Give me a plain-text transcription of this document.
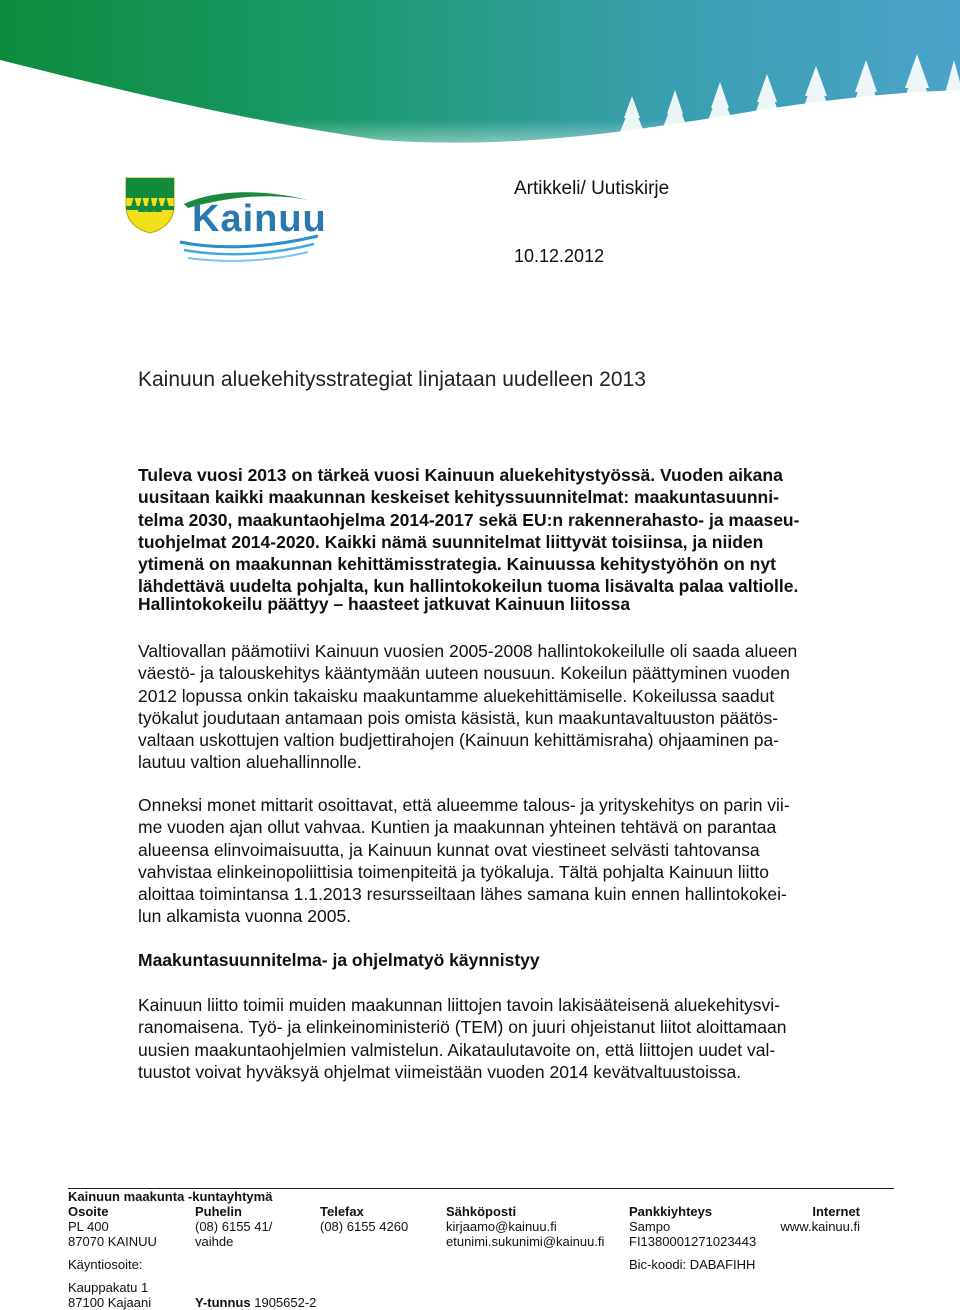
Kainuu
Artikkeli/ Uutiskirje
10.12.2012
Kainuun aluekehitysstrategiat linjataan uudelleen 2013
Tuleva vuosi 2013 on tärkeä vuosi Kainuun aluekehitystyössä. Vuoden aikana
uusitaan kaikki maakunnan keskeiset kehityssuunnitelmat: maakuntasuunni-
telma 2030, maakuntaohjelma 2014-2017 sekä EU:n rakennerahasto- ja maaseu-
tuohjelmat 2014-2020. Kaikki nämä suunnitelmat liittyvät toisiinsa, ja niiden
ytimenä on maakunnan kehittämisstrategia. Kainuussa kehitystyöhön on nyt
lähdettävä uudelta pohjalta, kun hallintokokeilun tuoma lisävalta palaa valtiolle.
Hallintokokeilu päättyy – haasteet jatkuvat Kainuun liitossa
Valtiovallan päämotiivi Kainuun vuosien 2005-2008 hallintokokeilulle oli saada alueen
väestö- ja talouskehitys kääntymään uuteen nousuun. Kokeilun päättyminen vuoden
2012 lopussa onkin takaisku maakuntamme aluekehittämiselle. Kokeilussa saadut
työkalut joudutaan antamaan pois omista käsistä, kun maakuntavaltuuston päätös-
valtaan uskottujen valtion budjettirahojen (Kainuun kehittämisraha) ohjaaminen pa-
lautuu valtion aluehallinnolle.
Onneksi monet mittarit osoittavat, että alueemme talous- ja yrityskehitys on parin vii-
me vuoden ajan ollut vahvaa. Kuntien ja maakunnan yhteinen tehtävä on parantaa
alueensa elinvoimaisuutta, ja Kainuun kunnat ovat viestineet selvästi tahtovansa
vahvistaa elinkeinopoliittisia toimenpiteitä ja työkaluja. Tältä pohjalta Kainuun liitto
aloittaa toimintansa 1.1.2013 resursseiltaan lähes samana kuin ennen hallintokokei-
lun alkamista vuonna 2005.
Maakuntasuunnitelma- ja ohjelmatyö käynnistyy
Kainuun liitto toimii muiden maakunnan liittojen tavoin lakisääteisenä aluekehitysvi-
ranomaisena. Työ- ja elinkeinoministeriö (TEM) on juuri ohjeistanut liitot aloittamaan
uusien maakuntaohjelmien valmistelun. Aikataulutavoite on, että liittojen uudet val-
tuustot voivat hyväksyä ohjelmat viimeistään vuoden 2014 kevätvaltuustoissa.
Kainuun maakunta -kuntayhtymä
Osoite
PL 400
87070 KAINUU
Käyntiosoite:
Kauppakatu 1
87100 Kajaani
Puhelin
(08) 6155 41/
vaihde
Y-tunnus 1905652-2
Telefax
(08) 6155 4260
Sähköposti
kirjaamo@kainuu.fi
etunimi.sukunimi@kainuu.fi
Pankkiyhteys
Sampo
FI1380001271023443
Bic-koodi: DABAFIHH
Internet
www.kainuu.fi
